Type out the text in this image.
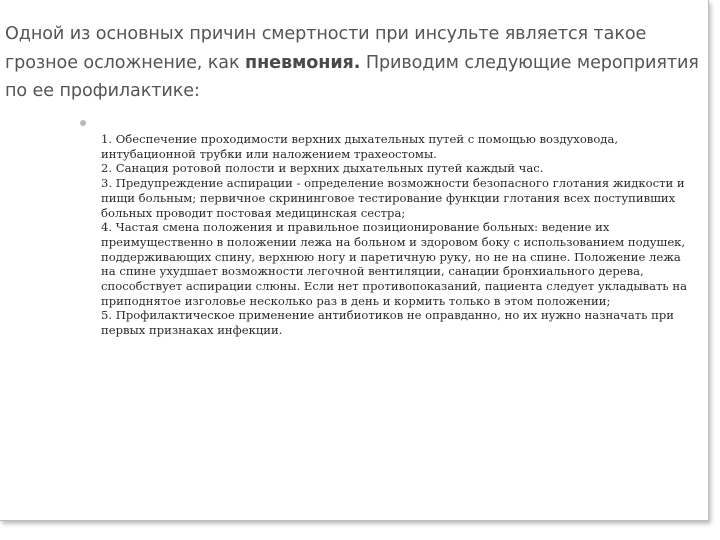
Одной из основных причин смертности при инсульте является такое грозное осложнение, как пневмония. Приводим следующие мероприятия по ее профилактике:

1. Обеспечение проходимости верхних дыхательных путей с помощью воздуховода, интубационной трубки или наложением трахеостомы.
2. Санация ротовой полости и верхних дыхательных путей каждый час.
3. Предупреждение аспирации - определение возможности безопасного глотания жидкости и пищи больным; первичное скрининговое тестирование функции глотания всех поступивших больных проводит постовая медицинская сестра;
4. Частая смена положения и правильное позиционирование больных: ведение их преимущественно в положении лежа на больном и здоровом боку с использованием подушек, поддерживающих спину, верхнюю ногу и паретичную руку, но не на спине. Положение лежа на спине ухудшает возможности легочной вентиляции, санации бронхиального дерева, способствует аспирации слюны. Если нет противопоказаний, пациента следует укладывать на приподнятое изголовье несколько раз в день и кормить только в этом положении;
5. Профилактическое применение антибиотиков не оправданно, но их нужно назначать при первых признаках инфекции.
